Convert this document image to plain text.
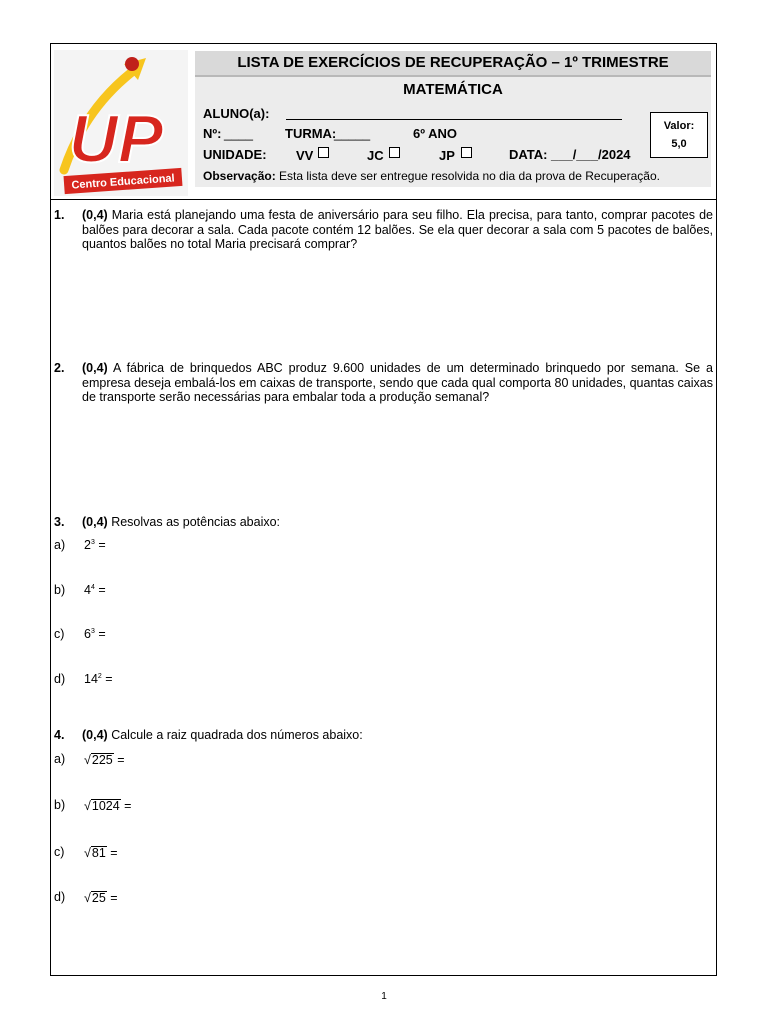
UP
Centro Educacional
LISTA DE EXERCÍCIOS DE RECUPERAÇÃO – 1º TRIMESTRE
MATEMÁTICA
ALUNO(a):
Nº: ____ TURMA:
_____	6º ANO
UNIDADE: VV	JC	JP	DATA: ___/___/2024
Valor:
5,0
Observação: Esta lista deve ser entregue resolvida no dia da prova de Recuperação.
1. (0,4) Maria está planejando uma festa de aniversário para seu filho. Ela precisa, para tanto, comprar pacotes de balões para decorar a sala. Cada pacote contém 12 balões. Se ela quer decorar a sala com 5 pacotes de balões, quantos balões no total Maria precisará comprar?
2. (0,4) A fábrica de brinquedos ABC produz 9.600 unidades de um determinado brinquedo por semana. Se a empresa deseja embalá-los em caixas de transporte, sendo que cada qual comporta 80 unidades, quantas caixas de transporte serão necessárias para embalar toda a produção semanal?
3. (0,4) Resolvas as potências abaixo:
a) $2^3$ =
b) $4^4$ =
c) $6^3$ =
d) $14^2$ =
4. (0,4) Calcule a raiz quadrada dos números abaixo:
a) √225 =
b) √1024 =
c) √81 =
d) √25 =
1
